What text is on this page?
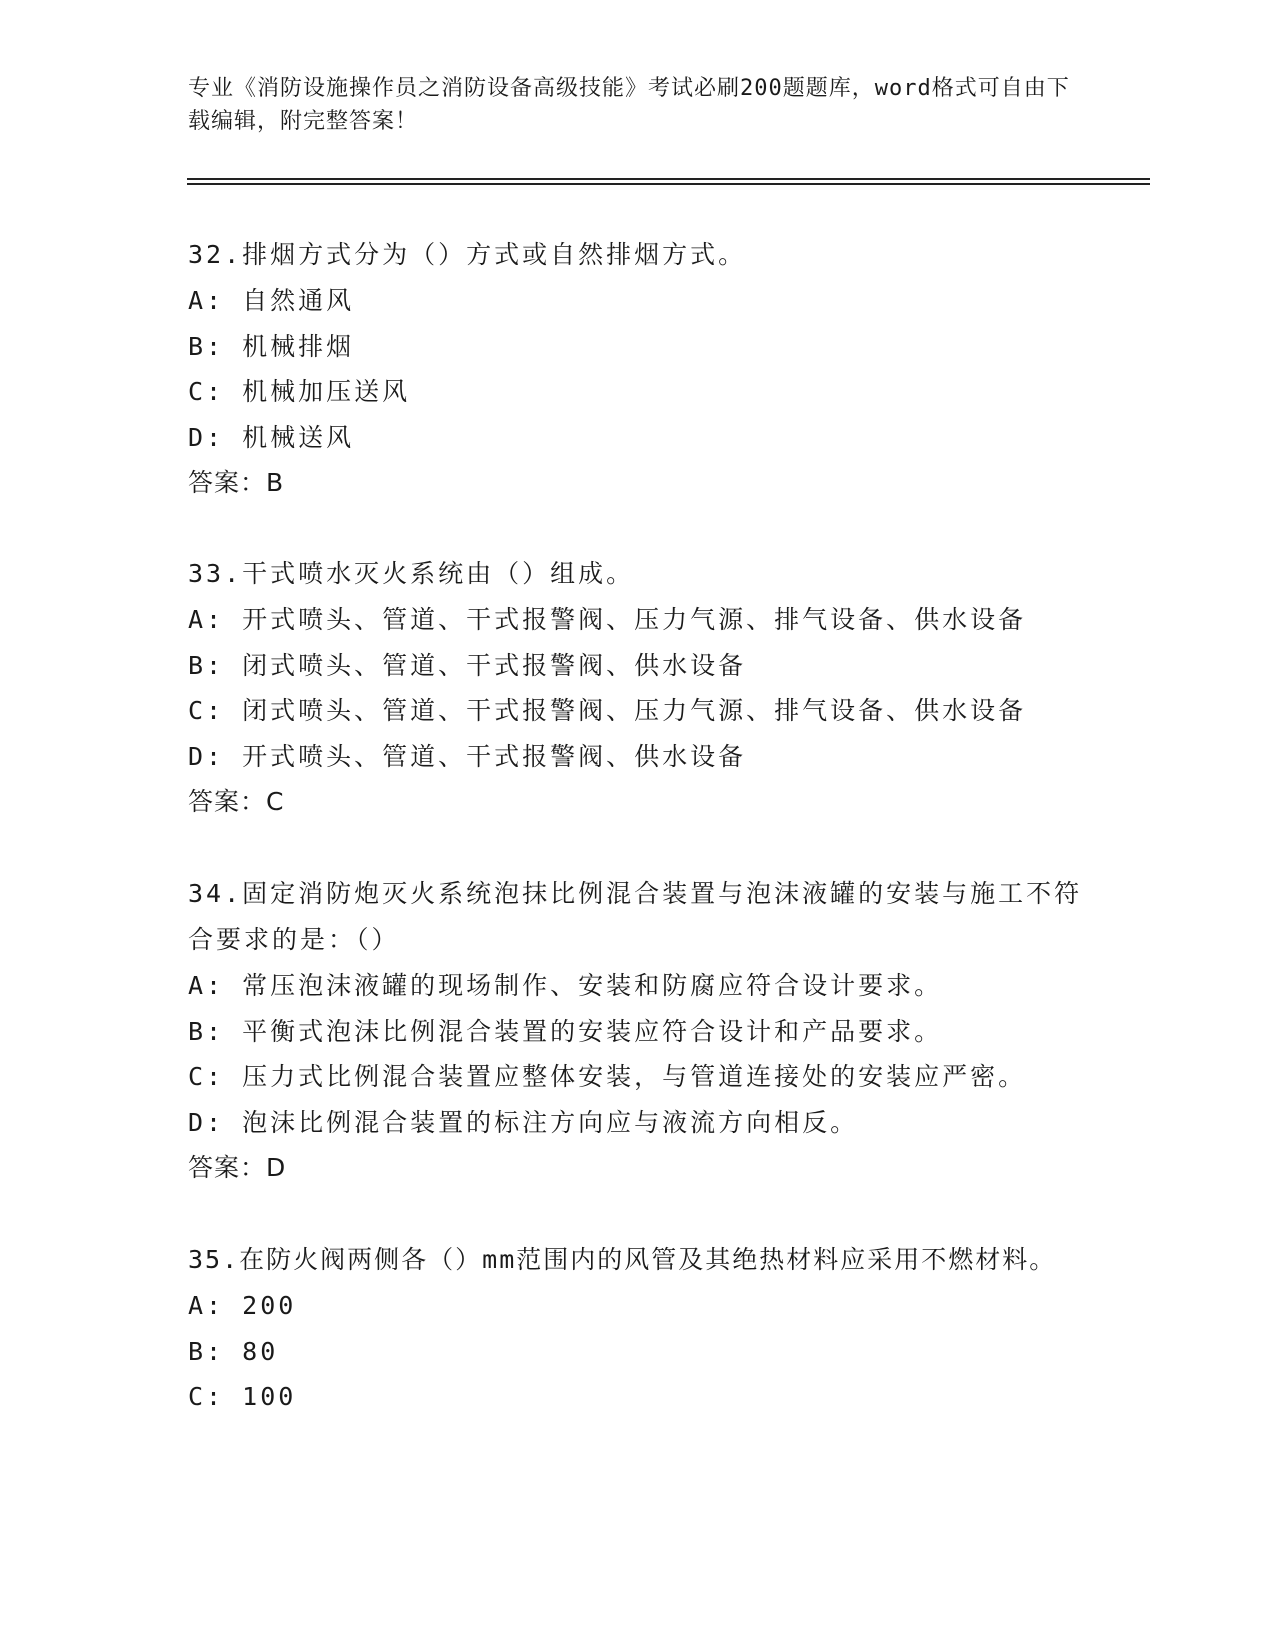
专业《消防设施操作员之消防设备高级技能》考试必刷200题题库，word格式可自由下载编辑，附完整答案！
32.排烟方式分为（）方式或自然排烟方式。
A: 自然通风
B: 机械排烟
C: 机械加压送风
D: 机械送风
答案：B
33.干式喷水灭火系统由（）组成。
A: 开式喷头、管道、干式报警阀、压力气源、排气设备、供水设备
B: 闭式喷头、管道、干式报警阀、供水设备
C: 闭式喷头、管道、干式报警阀、压力气源、排气设备、供水设备
D: 开式喷头、管道、干式报警阀、供水设备
答案：C
34.固定消防炮灭火系统泡抹比例混合装置与泡沫液罐的安装与施工不符合要求的是：（）
A: 常压泡沫液罐的现场制作、安装和防腐应符合设计要求。
B: 平衡式泡沫比例混合装置的安装应符合设计和产品要求。
C: 压力式比例混合装置应整体安装，与管道连接处的安装应严密。
D: 泡沫比例混合装置的标注方向应与液流方向相反。
答案：D
35.在防火阀两侧各（）mm范围内的风管及其绝热材料应采用不燃材料。
A: 200
B: 80
C: 100
